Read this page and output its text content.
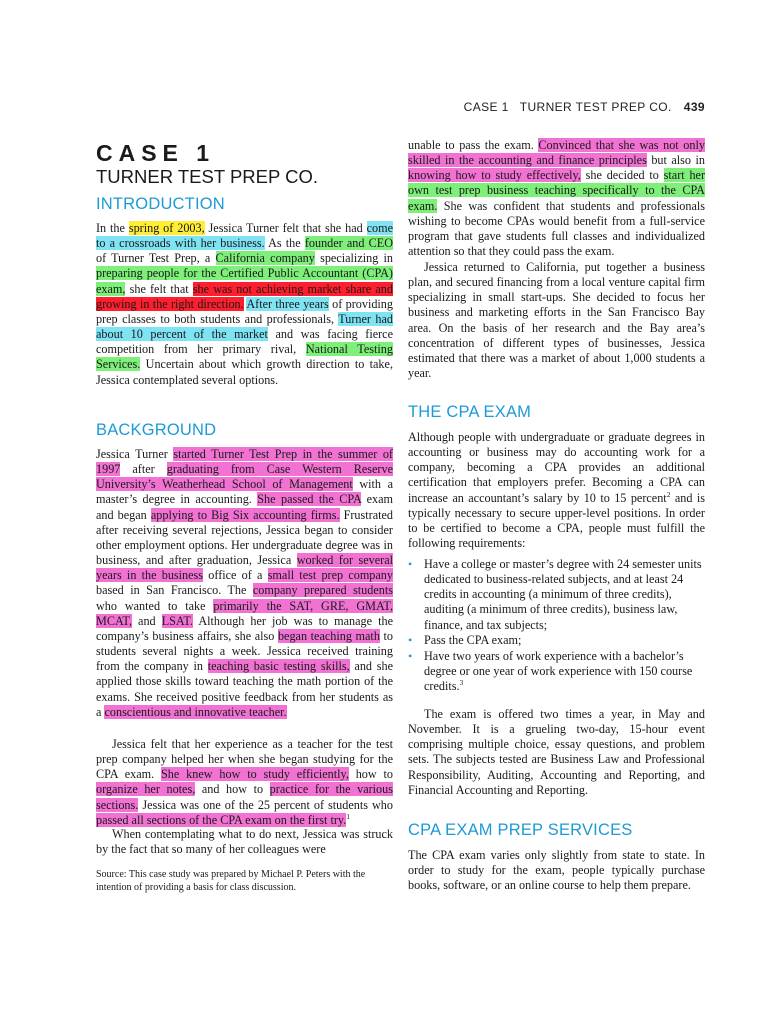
CASE 1   TURNER TEST PREP CO. 439
CASE 1
TURNER TEST PREP CO.
INTRODUCTION

In the spring of 2003, Jessica Turner felt that she had come to a crossroads with her business. As the founder and CEO of Turner Test Prep, a California company specializing in preparing people for the Certified Public Accountant (CPA) exam, she felt that she was not achieving market share and growing in the right direction. After three years of providing prep classes to both students and professionals, Turner had about 10 percent of the market and was facing fierce competition from her primary rival, National Testing Services. Uncertain about which growth direction to take, Jessica contemplated several options.

BACKGROUND

Jessica Turner started Turner Test Prep in the summer of 1997 after graduating from Case Western Reserve University’s Weatherhead School of Management with a master’s degree in accounting. She passed the CPA exam and began applying to Big Six accounting firms. Frustrated after receiving several rejections, Jessica began to consider other employment options. Her undergraduate degree was in business, and after graduation, Jessica worked for several years in the business office of a small test prep company based in San Francisco. The company prepared students who wanted to take primarily the SAT, GRE, GMAT, MCAT, and LSAT. Although her job was to manage the company’s business affairs, she also began teaching math to students several nights a week. Jessica received training from the company in teaching basic testing skills, and she applied those skills toward teaching the math portion of the exams. She received positive feedback from her students as a conscientious and innovative teacher.

Jessica felt that her experience as a teacher for the test prep company helped her when she began studying for the CPA exam. She knew how to study efficiently, how to organize her notes, and how to practice for the various sections. Jessica was one of the 25 percent of students who passed all sections of the CPA exam on the first try.$^1$

When contemplating what to do next, Jessica was struck by the fact that so many of her colleagues were

Source: This case study was prepared by Michael P. Peters with the intention of providing a basis for class discussion.

unable to pass the exam. Convinced that she was not only skilled in the accounting and finance principles but also in knowing how to study effectively, she decided to start her own test prep business teaching specifically to the CPA exam. She was confident that students and professionals wishing to become CPAs would benefit from a full-service program that gave students full classes and individualized attention so that they could pass the exam.

Jessica returned to California, put together a business plan, and secured financing from a local venture capital firm specializing in small start-ups. She decided to focus her business and marketing efforts in the San Francisco Bay area. On the basis of her research and the Bay area’s concentration of different types of businesses, Jessica estimated that there was a market of about 1,000 students a year.

THE CPA EXAM

Although people with undergraduate or graduate degrees in accounting or business may do accounting work for a company, becoming a CPA provides an additional certification that employers prefer. Becoming a CPA can increase an accountant’s salary by 10 to 15 percent$^2$ and is typically necessary to secure upper-level positions. In order to be certified to become a CPA, people must fulfill the following requirements:

• Have a college or master’s degree with 24 semester units dedicated to business-related subjects, and at least 24 credits in accounting (a minimum of three credits), auditing (a minimum of three credits), business law, finance, and tax subjects;
• Pass the CPA exam;
• Have two years of work experience with a bachelor’s degree or one year of work experience with 150 course credits.$^3$

The exam is offered two times a year, in May and November. It is a grueling two-day, 15-hour event comprising multiple choice, essay questions, and problem sets. The subjects tested are Business Law and Professional Responsibility, Auditing, Accounting and Reporting, and Financial Accounting and Reporting.

CPA EXAM PREP SERVICES

The CPA exam varies only slightly from state to state. In order to study for the exam, people typically purchase books, software, or an online course to help them prepare.
